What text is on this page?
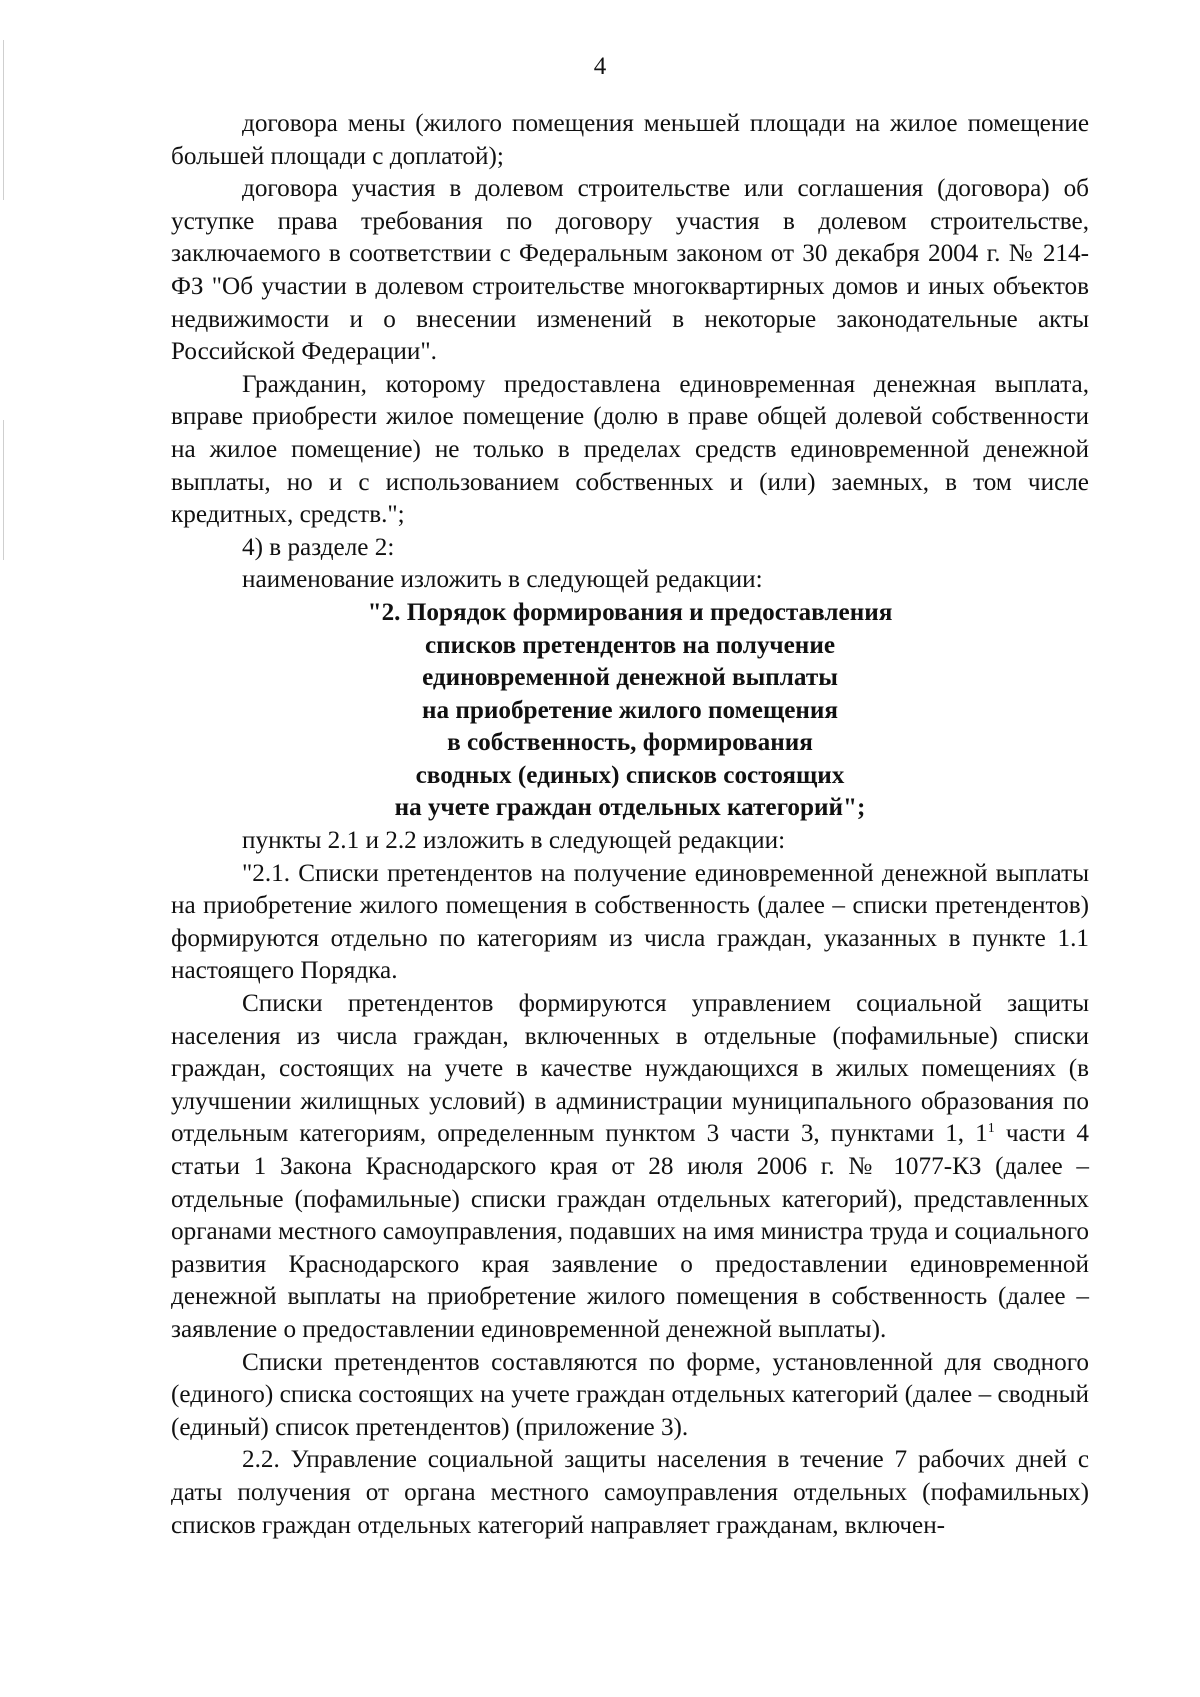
4

договора мены (жилого помещения меньшей площади на жилое помещение большей площади с доплатой);

договора участия в долевом строительстве или соглашения (договора) об уступке права требования по договору участия в долевом строительстве, заключаемого в соответствии с Федеральным законом от 30 декабря 2004 г. № 214-ФЗ "Об участии в долевом строительстве многоквартирных домов и иных объектов недвижимости и о внесении изменений в некоторые законодательные акты Российской Федерации".

Гражданин, которому предоставлена единовременная денежная выплата, вправе приобрести жилое помещение (долю в праве общей долевой собственности на жилое помещение) не только в пределах средств единовременной денежной выплаты, но и с использованием собственных и (или) заемных, в том числе кредитных, средств.";

4) в разделе 2:

наименование изложить в следующей редакции:

"2. Порядок формирования и предоставления
списков претендентов на получение
единовременной денежной выплаты
на приобретение жилого помещения
в собственность, формирования
сводных (единых) списков состоящих
на учете граждан отдельных категорий";

пункты 2.1 и 2.2 изложить в следующей редакции:

"2.1. Списки претендентов на получение единовременной денежной выплаты на приобретение жилого помещения в собственность (далее – списки претендентов) формируются отдельно по категориям из числа граждан, указанных в пункте 1.1 настоящего Порядка.

Списки претендентов формируются управлением социальной защиты населения из числа граждан, включенных в отдельные (пофамильные) списки граждан, состоящих на учете в качестве нуждающихся в жилых помещениях (в улучшении жилищных условий) в администрации муниципального образования по отдельным категориям, определенным пунктом 3 части 3, пунктами 1, $1^1$ части 4 статьи 1 Закона Краснодарского края от 28 июля 2006 г. № 1077-КЗ (далее – отдельные (пофамильные) списки граждан отдельных категорий), представленных органами местного самоуправления, подавших на имя министра труда и социального развития Краснодарского края заявление о предоставлении единовременной денежной выплаты на приобретение жилого помещения в собственность (далее – заявление о предоставлении единовременной денежной выплаты).

Списки претендентов составляются по форме, установленной для сводного (единого) списка состоящих на учете граждан отдельных категорий (далее – сводный (единый) список претендентов) (приложение 3).

2.2. Управление социальной защиты населения в течение 7 рабочих дней с даты получения от органа местного самоуправления отдельных (пофамильных) списков граждан отдельных категорий направляет гражданам, включен-
